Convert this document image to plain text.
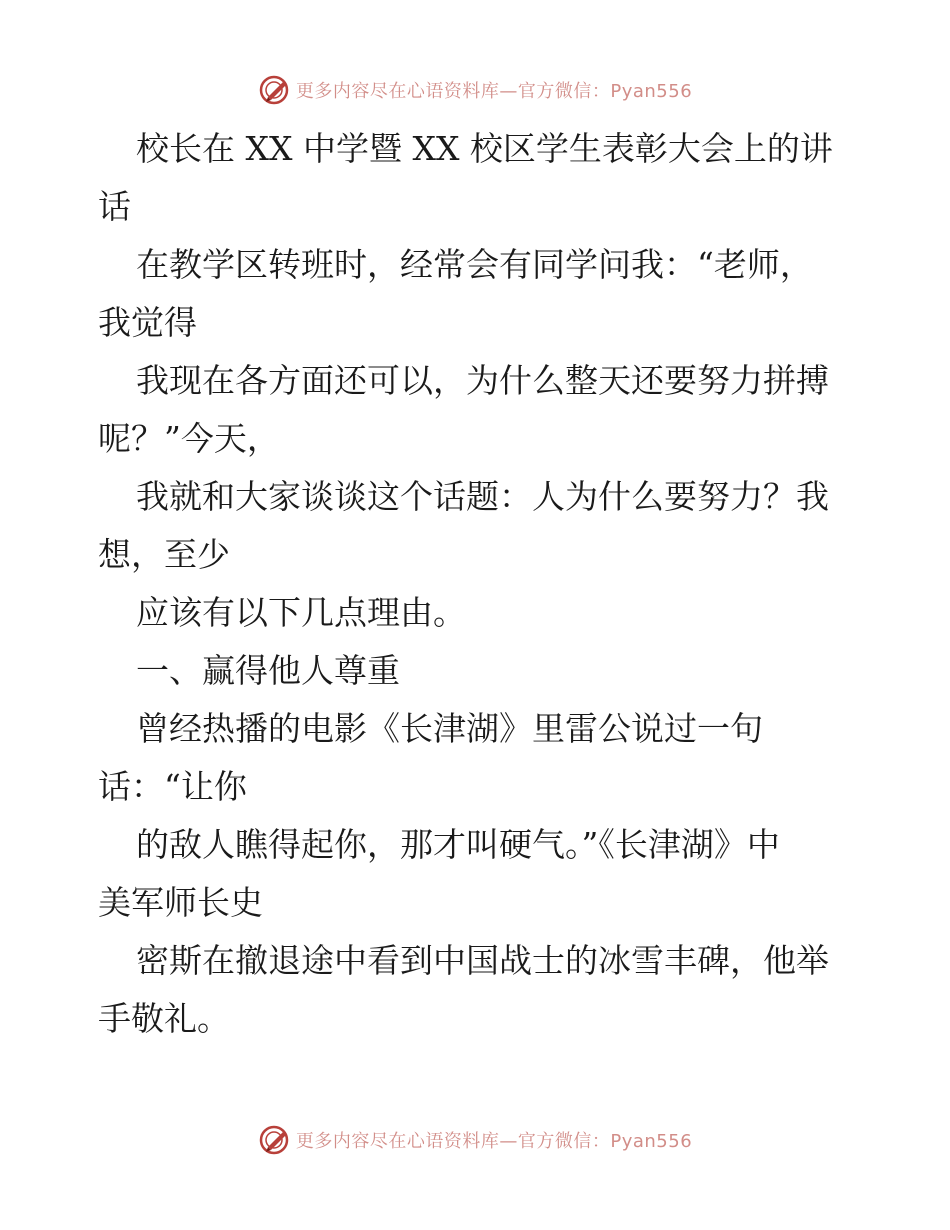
更多内容尽在心语资料库—官方微信：Pyan556
校长在 XX 中学暨 XX 校区学生表彰大会上的讲
话
在教学区转班时，经常会有同学问我：“老师，
我觉得
我现在各方面还可以，为什么整天还要努力拼搏
呢？”今天，
我就和大家谈谈这个话题：人为什么要努力？我
想，至少
应该有以下几点理由。
一、赢得他人尊重
曾经热播的电影《长津湖》里雷公说过一句
话：“让你
的敌人瞧得起你，那才叫硬气。”《长津湖》中
美军师长史
密斯在撤退途中看到中国战士的冰雪丰碑，他举
手敬礼。
更多内容尽在心语资料库—官方微信：Pyan556
